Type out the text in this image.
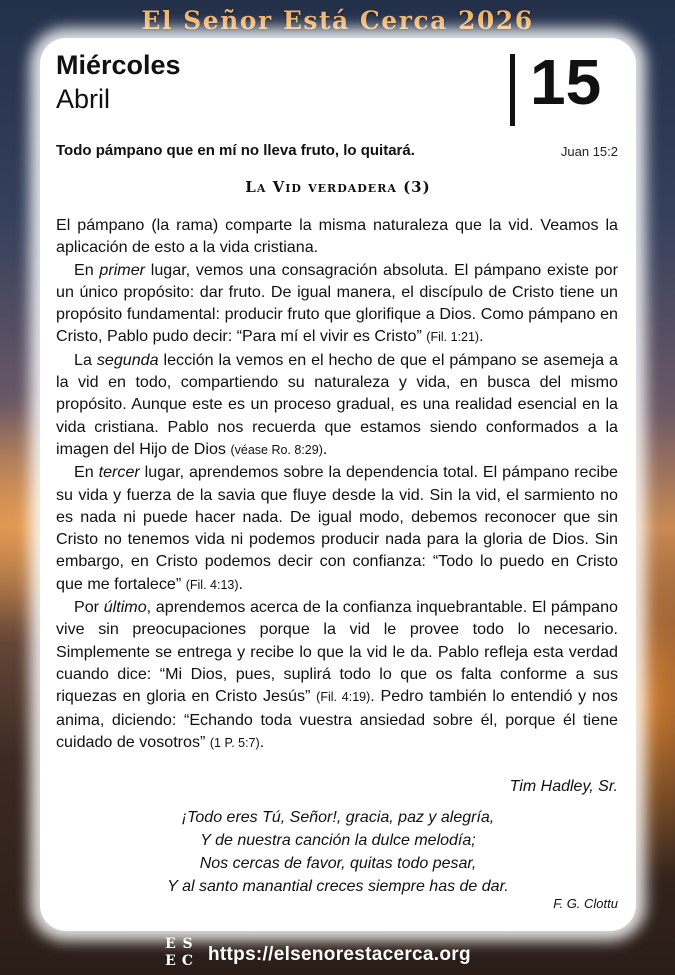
El Señor Está Cerca 2026
Miércoles
Abril	15
Todo pámpano que en mí no lleva fruto, lo quitará.	Juan 15:2
La Vid verdadera (3)

El pámpano (la rama) comparte la misma naturaleza que la vid. Veamos la aplicación de esto a la vida cristiana.

En primer lugar, vemos una consagración absoluta. El pámpano existe por un único propósito: dar fruto. De igual manera, el discípulo de Cristo tiene un propósito fundamental: producir fruto que glorifique a Dios. Como pámpano en Cristo, Pablo pudo decir: “Para mí el vivir es Cristo” (Fil. 1:21).

La segunda lección la vemos en el hecho de que el pámpano se asemeja a la vid en todo, compartiendo su naturaleza y vida, en busca del mismo propósito. Aunque este es un proceso gradual, es una realidad esencial en la vida cristiana. Pablo nos recuerda que estamos siendo conformados a la imagen del Hijo de Dios (véase Ro. 8:29).

En tercer lugar, aprendemos sobre la dependencia total. El pámpano recibe su vida y fuerza de la savia que fluye desde la vid. Sin la vid, el sarmiento no es nada ni puede hacer nada. De igual modo, debemos reconocer que sin Cristo no tenemos vida ni podemos producir nada para la gloria de Dios. Sin embargo, en Cristo podemos decir con confianza: “Todo lo puedo en Cristo que me fortalece” (Fil. 4:13).

Por último, aprendemos acerca de la confianza inquebrantable. El pámpano vive sin preocupaciones porque la vid le provee todo lo necesario. Simplemente se entrega y recibe lo que la vid le da. Pablo refleja esta verdad cuando dice: “Mi Dios, pues, suplirá todo lo que os falta conforme a sus riquezas en gloria en Cristo Jesús” (Fil. 4:19). Pedro también lo entendió y nos anima, diciendo: “Echando toda vuestra ansiedad sobre él, porque él tiene cuidado de vosotros” (1 P. 5:7).

Tim Hadley, Sr.
¡Todo eres Tú, Señor!, gracia, paz y alegría,
Y de nuestra canción la dulce melodía;
Nos cercas de favor, quitas todo pesar,
Y al santo manantial creces siempre has de dar.
F. G. Clottu
E S
E C https://elsenorestacerca.org
